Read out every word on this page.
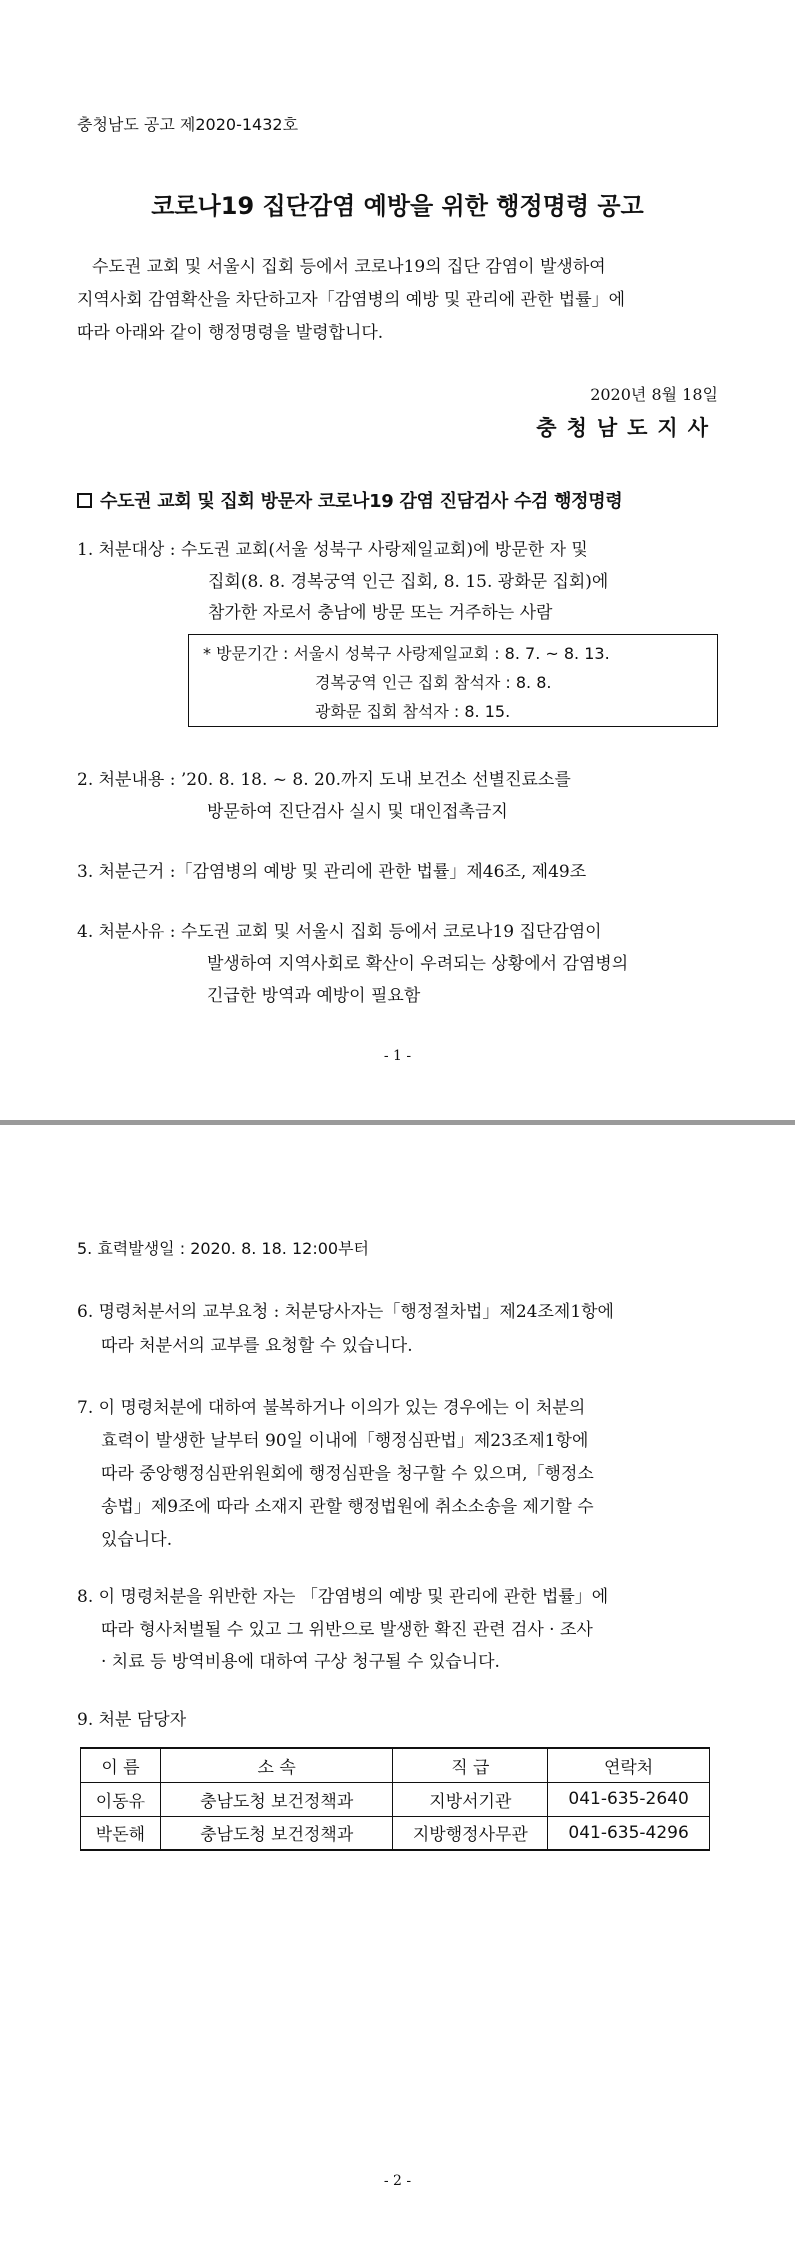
충청남도 공고 제2020-1432호
코로나19 집단감염 예방을 위한 행정명령 공고
수도권 교회 및 서울시 집회 등에서 코로나19의 집단 감염이 발생하여
지역사회 감염확산을 차단하고자「감염병의 예방 및 관리에 관한 법률」에
따라 아래와 같이 행정명령을 발령합니다.
2020년 8월 18일
충청남도지사
수도권 교회 및 집회 방문자 코로나19 감염 진담검사 수검 행정명령
1. 처분대상 : 수도권 교회(서울 성북구 사랑제일교회)에 방문한 자 및
집회(8. 8. 경복궁역 인근 집회, 8. 15. 광화문 집회)에
참가한 자로서 충남에 방문 또는 거주하는 사람
* 방문기간 : 서울시 성북구 사랑제일교회 : 8. 7. ~ 8. 13.
경복궁역 인근 집회 참석자 : 8. 8.
광화문 집회 참석자 : 8. 15.
2. 처분내용 : ’20. 8. 18. ~ 8. 20.까지 도내 보건소 선별진료소를
방문하여 진단검사 실시 및 대인접촉금지
3. 처분근거 :「감염병의 예방 및 관리에 관한 법률」제46조, 제49조
4. 처분사유 : 수도권 교회 및 서울시 집회 등에서 코로나19 집단감염이
발생하여 지역사회로 확산이 우려되는 상황에서 감염병의
긴급한 방역과 예방이 필요함
- 1 -
5. 효력발생일 : 2020. 8. 18. 12:00부터
6. 명령처분서의 교부요청 : 처분당사자는「행정절차법」제24조제1항에
따라 처분서의 교부를 요청할 수 있습니다.
7. 이 명령처분에 대하여 불복하거나 이의가 있는 경우에는 이 처분의
효력이 발생한 날부터 90일 이내에「행정심판법」제23조제1항에
따라 중앙행정심판위원회에 행정심판을 청구할 수 있으며,「행정소
송법」제9조에 따라 소재지 관할 행정법원에 취소소송을 제기할 수
있습니다.
8. 이 명령처분을 위반한 자는 「감염병의 예방 및 관리에 관한 법률」에
따라 형사처벌될 수 있고 그 위반으로 발생한 확진 관련 검사 · 조사
· 치료 등 방역비용에 대하여 구상 청구될 수 있습니다.
9. 처분 담당자
- 2 -
이 름	소 속	직 급	연락처
이동유	충남도청 보건정책과	지방서기관	041-635-2640
박돈해	충남도청 보건정책과	지방행정사무관	041-635-4296
